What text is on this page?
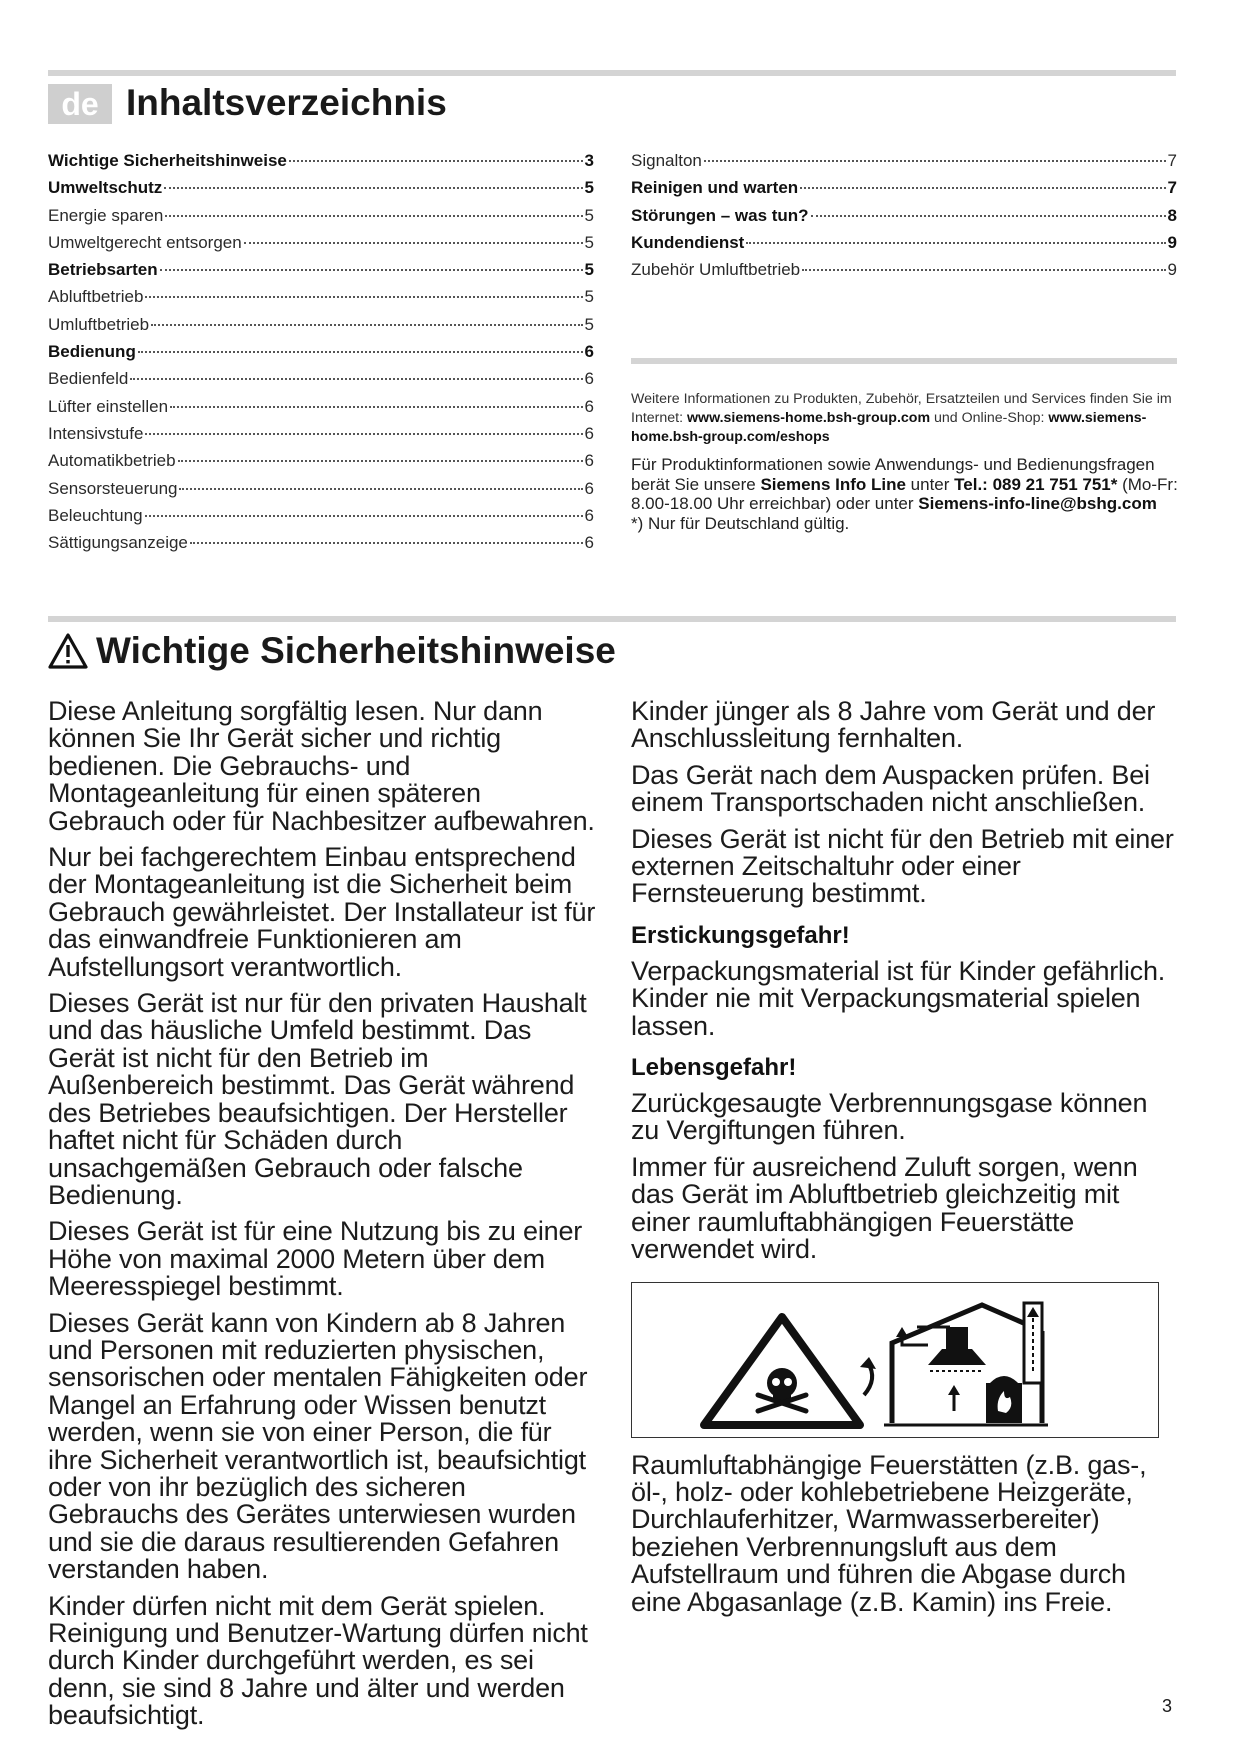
de Inhaltsverzeichnis
Wichtige Sicherheitshinweise	3
Umweltschutz	5
Energie sparen	5
Umweltgerecht entsorgen	5
Betriebsarten	5
Abluftbetrieb	5
Umluftbetrieb	5
Bedienung	6
Bedienfeld	6
Lüfter einstellen	6
Intensivstufe	6
Automatikbetrieb	6
Sensorsteuerung	6
Beleuchtung	6
Sättigungsanzeige	6
Signalton	7
Reinigen und warten	7
Störungen – was tun?	8
Kundendienst	9
Zubehör Umluftbetrieb	9

Weitere Informationen zu Produkten, Zubehör, Ersatzteilen und Services finden Sie im Internet: www.siemens-home.bsh-group.com und Online-Shop: www.siemens-home.bsh-group.com/eshops

Für Produktinformationen sowie Anwendungs- und Bedienungsfragen berät Sie unsere Siemens Info Line unter Tel.: 089 21 751 751* (Mo-Fr: 8.00-18.00 Uhr erreichbar) oder unter Siemens-info-line@bshg.com

*) Nur für Deutschland gültig.

Wichtige Sicherheitshinweise

Diese Anleitung sorgfältig lesen. Nur dann können Sie Ihr Gerät sicher und richtig bedienen. Die Gebrauchs- und Montageanleitung für einen späteren Gebrauch oder für Nachbesitzer aufbewahren.

Nur bei fachgerechtem Einbau entsprechend der Montageanleitung ist die Sicherheit beim Gebrauch gewährleistet. Der Installateur ist für das einwandfreie Funktionieren am Aufstellungsort verantwortlich.

Dieses Gerät ist nur für den privaten Haushalt und das häusliche Umfeld bestimmt. Das Gerät ist nicht für den Betrieb im Außenbereich bestimmt. Das Gerät während des Betriebes beaufsichtigen. Der Hersteller haftet nicht für Schäden durch unsachgemäßen Gebrauch oder falsche Bedienung.

Dieses Gerät ist für eine Nutzung bis zu einer Höhe von maximal 2000 Metern über dem Meeresspiegel bestimmt.

Dieses Gerät kann von Kindern ab 8 Jahren und Personen mit reduzierten physischen, sensorischen oder mentalen Fähigkeiten oder Mangel an Erfahrung oder Wissen benutzt werden, wenn sie von einer Person, die für ihre Sicherheit verantwortlich ist, beaufsichtigt oder von ihr bezüglich des sicheren Gebrauchs des Gerätes unterwiesen wurden und sie die daraus resultierenden Gefahren verstanden haben.

Kinder dürfen nicht mit dem Gerät spielen. Reinigung und Benutzer-Wartung dürfen nicht durch Kinder durchgeführt werden, es sei denn, sie sind 8 Jahre und älter und werden beaufsichtigt.

Kinder jünger als 8 Jahre vom Gerät und der Anschlussleitung fernhalten.

Das Gerät nach dem Auspacken prüfen. Bei einem Transportschaden nicht anschließen.

Dieses Gerät ist nicht für den Betrieb mit einer externen Zeitschaltuhr oder einer Fernsteuerung bestimmt.

Erstickungsgefahr!

Verpackungsmaterial ist für Kinder gefährlich. Kinder nie mit Verpackungsmaterial spielen lassen.

Lebensgefahr!

Zurückgesaugte Verbrennungsgase können zu Vergiftungen führen.

Immer für ausreichend Zuluft sorgen, wenn das Gerät im Abluftbetrieb gleichzeitig mit einer raumluftabhängigen Feuerstätte verwendet wird.

Raumluftabhängige Feuerstätten (z.B. gas-, öl-, holz- oder kohlebetriebene Heizgeräte, Durchlauferhitzer, Warmwasserbereiter) beziehen Verbrennungsluft aus dem Aufstellraum und führen die Abgase durch eine Abgasanlage (z.B. Kamin) ins Freie.

3
